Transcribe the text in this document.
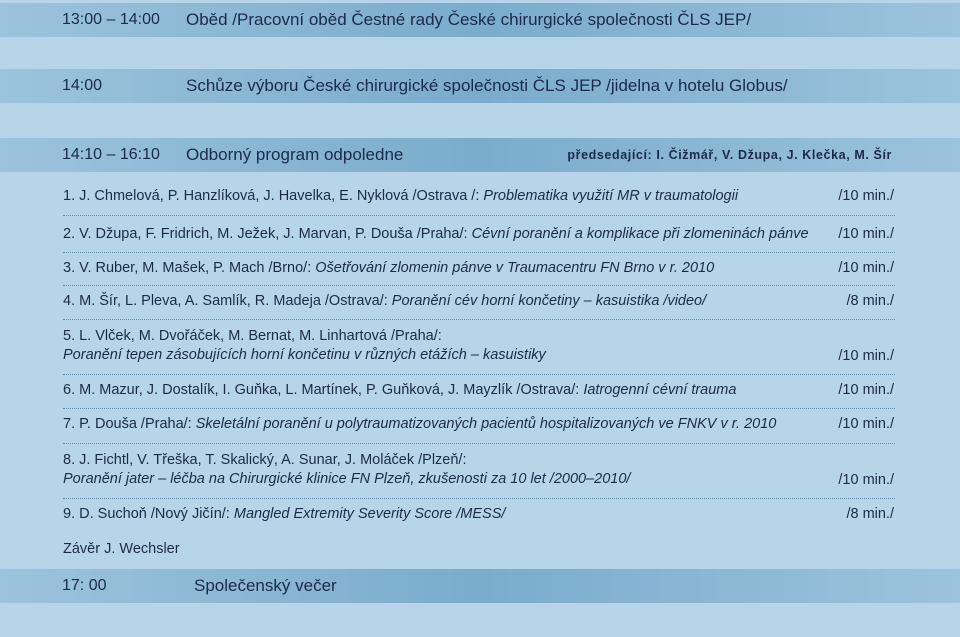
13:00 – 14:00 Oběd /Pracovní oběd Čestné rady České chirurgické společnosti ČLS JEP/
14:00	Schůze výboru České chirurgické společnosti ČLS JEP /jidelna v hotelu Globus/
14:10 – 16:10 Odborný program odpoledne	předsedající: I. Čižmář, V. Džupa, J. Klečka, M. Šír
1. J. Chmelová, P. Hanzlíková, J. Havelka, E. Nyklová /Ostrava /: Problematika využití MR v traumatologii	/10 min./
2. V. Džupa, F. Fridrich, M. Ježek, J. Marvan, P. Douša /Praha/: Cévní poranění a komplikace při zlomeninách pánve /10 min./
3. V. Ruber, M. Mašek, P. Mach /Brno/: Ošetřování zlomenin pánve v Traumacentru FN Brno v r. 2010	/10 min./
4. M. Šír, L. Pleva, A. Samlík, R. Madeja /Ostrava/: Poranění cév horní končetiny – kasuistika /video/	/8 min./
5. L. Vlček, M. Dvořáček, M. Bernat, M. Linhartová /Praha/:
Poranění tepen zásobujících horní končetinu v různých etážích – kasuistiky	/10 min./
6. M. Mazur, J. Dostalík, I. Guňka, L. Martínek, P. Guňková, J. Mayzlík /Ostrava/: Iatrogenní cévní trauma	/10 min./
7. P. Douša /Praha/: Skeletální poranění u polytraumatizovaných pacientů hospitalizovaných ve FNKV v r. 2010	/10 min./
8. J. Fichtl, V. Třeška, T. Skalický, A. Sunar, J. Moláček /Plzeň/:
Poranění jater – léčba na Chirurgické klinice FN Plzeň, zkušenosti za 10 let /2000–2010/	/10 min./
9. D. Suchoň /Nový Jičín/: Mangled Extremity Severity Score /MESS/	/8 min./
Závěr J. Wechsler
17: 00	Společenský večer
